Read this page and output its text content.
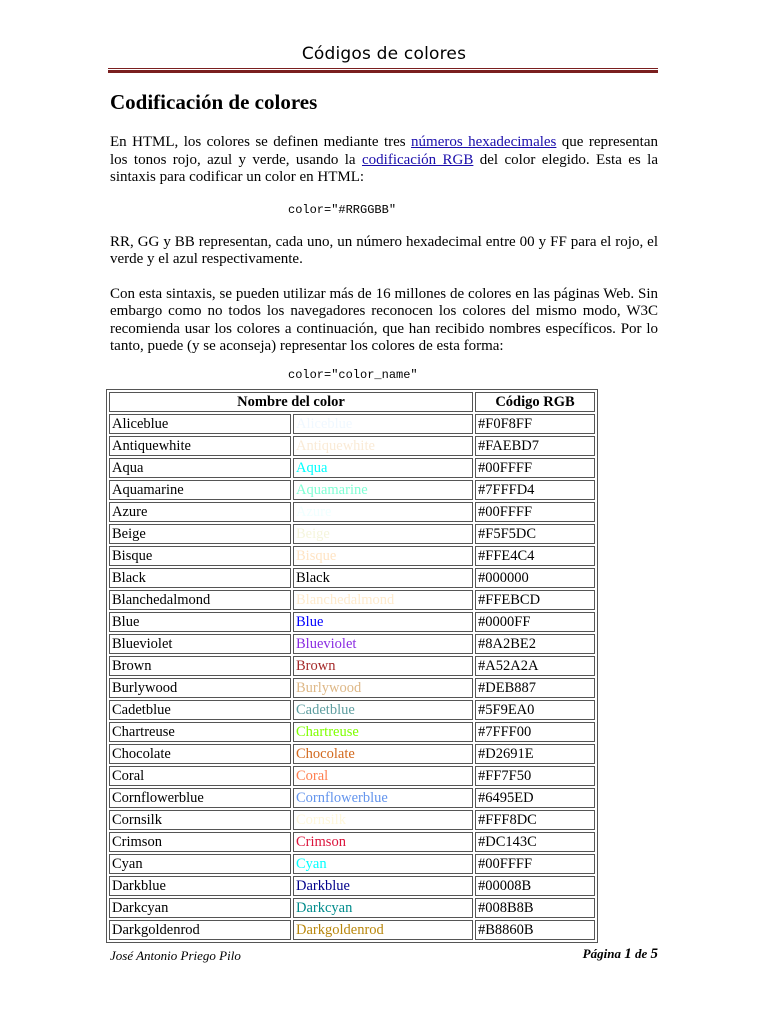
Códigos de colores
Codificación de colores

En HTML, los colores se definen mediante tres números hexadecimales que representan los tonos rojo, azul y verde, usando la codificación RGB del color elegido. Esta es la sintaxis para codificar un color en HTML:

color="#RRGGBB"

RR, GG y BB representan, cada uno, un número hexadecimal entre 00 y FF para el rojo, el verde y el azul respectivamente.

Con esta sintaxis, se pueden utilizar más de 16 millones de colores en las páginas Web. Sin embargo como no todos los navegadores reconocen los colores del mismo modo, W3C recomienda usar los colores a continuación, que han recibido nombres específicos. Por lo tanto, puede (y se aconseja) representar los colores de esta forma:

color="color_name"
Nombre del color		Código RGB
Aliceblue	Aliceblue	#F0F8FF
Antiquewhite	Antiquewhite	#FAEBD7
Aqua	Aqua	#00FFFF
Aquamarine	Aquamarine	#7FFFD4
Azure	Azure	#00FFFF
Beige	Beige	#F5F5DC
Bisque	Bisque	#FFE4C4
Black	Black	#000000
Blanchedalmond	Blanchedalmond	#FFEBCD
Blue	Blue	#0000FF
Blueviolet	Blueviolet	#8A2BE2
Brown	Brown	#A52A2A
Burlywood	Burlywood	#DEB887
Cadetblue	Cadetblue	#5F9EA0
Chartreuse	Chartreuse	#7FFF00
Chocolate	Chocolate	#D2691E
Coral	Coral	#FF7F50
Cornflowerblue	Cornflowerblue	#6495ED
Cornsilk	Cornsilk	#FFF8DC
Crimson	Crimson	#DC143C
Cyan	Cyan	#00FFFF
Darkblue	Darkblue	#00008B
Darkcyan	Darkcyan	#008B8B
Darkgoldenrod	Darkgoldenrod	#B8860B
José Antonio Priego Pilo	Página 1 de 5
